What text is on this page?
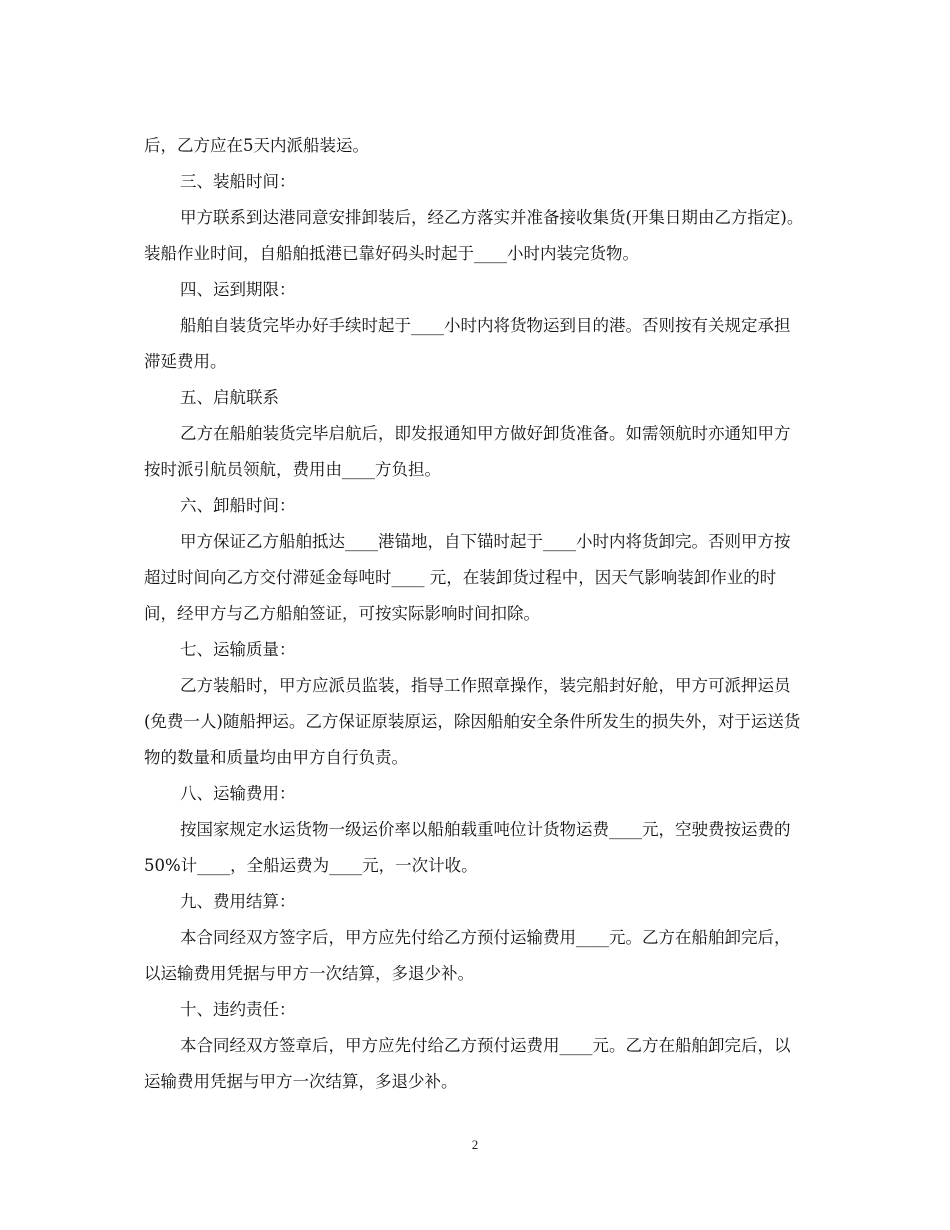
后，乙方应在5天内派船装运。

三、装船时间：

甲方联系到达港同意安排卸装后，经乙方落实并准备接收集货(开集日期由乙方指定)。装船作业时间，自船舶抵港已靠好码头时起于____小时内装完货物。

四、运到期限：

船舶自装货完毕办好手续时起于____小时内将货物运到目的港。否则按有关规定承担滞延费用。

五、启航联系

乙方在船舶装货完毕启航后，即发报通知甲方做好卸货准备。如需领航时亦通知甲方按时派引航员领航，费用由____方负担。

六、卸船时间：

甲方保证乙方船舶抵达____港锚地，自下锚时起于____小时内将货卸完。否则甲方按超过时间向乙方交付滞延金每吨时____ 元，在装卸货过程中，因天气影响装卸作业的时间，经甲方与乙方船舶签证，可按实际影响时间扣除。

七、运输质量：

乙方装船时，甲方应派员监装，指导工作照章操作，装完船封好舱，甲方可派押运员(免费一人)随船押运。乙方保证原装原运，除因船舶安全条件所发生的损失外，对于运送货物的数量和质量均由甲方自行负责。

八、运输费用：

按国家规定水运货物一级运价率以船舶载重吨位计货物运费____元，空驶费按运费的50%计____，全船运费为____元，一次计收。

九、费用结算：

本合同经双方签字后，甲方应先付给乙方预付运输费用____元。乙方在船舶卸完后，以运输费用凭据与甲方一次结算，多退少补。

十、违约责任：

本合同经双方签章后，甲方应先付给乙方预付运费用____元。乙方在船舶卸完后，以运输费用凭据与甲方一次结算，多退少补。

2
